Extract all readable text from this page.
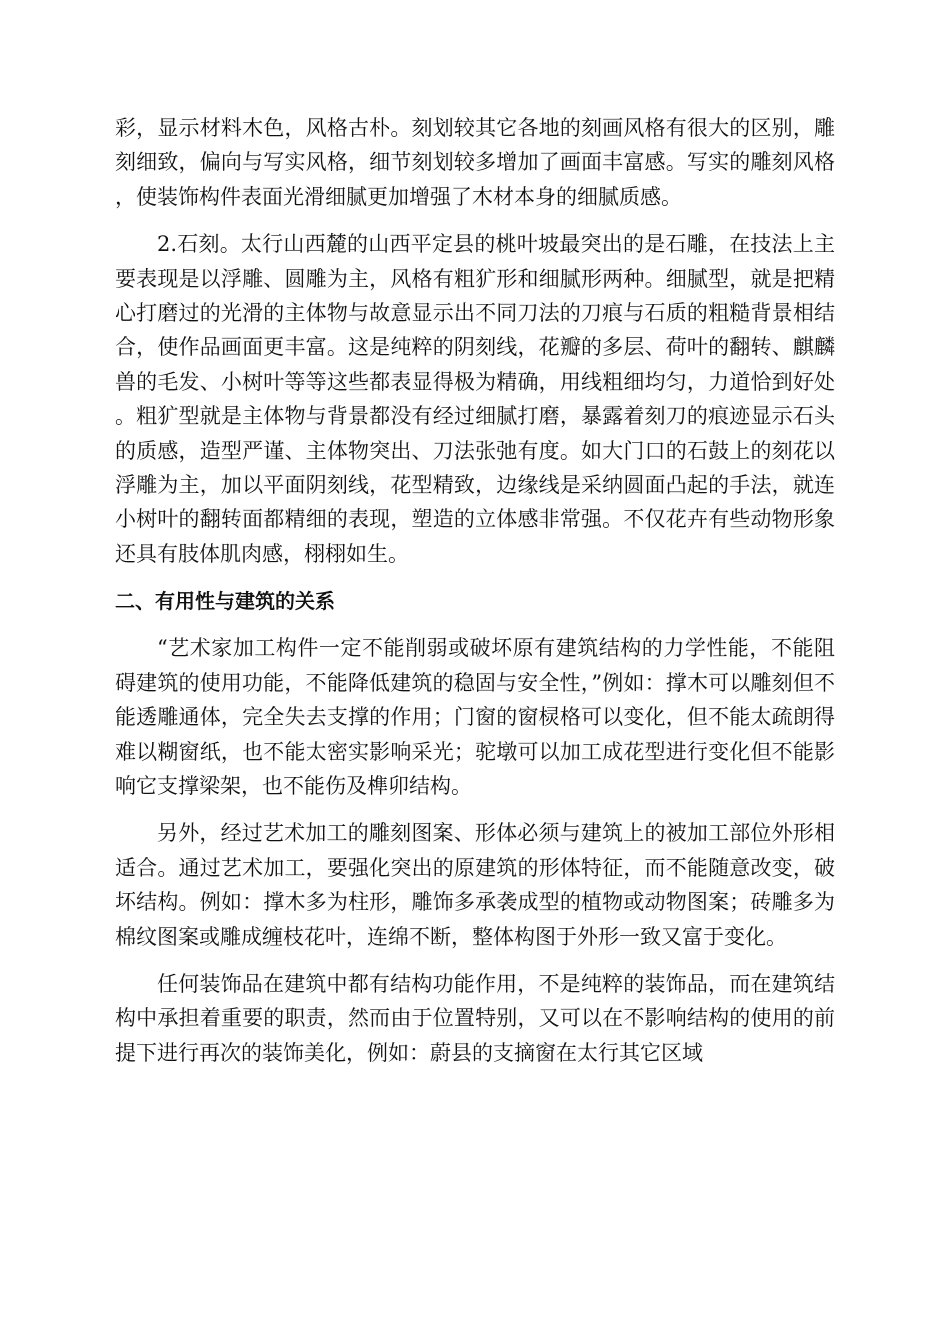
彩，显示材料木色，风格古朴。刻划较其它各地的刻画风格有很大的区别，雕刻细致，偏向与写实风格，细节刻划较多增加了画面丰富感。写实的雕刻风格，使装饰构件表面光滑细腻更加增强了木材本身的细腻质感。

2.石刻。太行山西麓的山西平定县的桃叶坡最突出的是石雕，在技法上主要表现是以浮雕、圆雕为主，风格有粗犷形和细腻形两种。细腻型，就是把精心打磨过的光滑的主体物与故意显示出不同刀法的刀痕与石质的粗糙背景相结合，使作品画面更丰富。这是纯粹的阴刻线，花瓣的多层、荷叶的翻转、麒麟兽的毛发、小树叶等等这些都表显得极为精确，用线粗细均匀，力道恰到好处。粗犷型就是主体物与背景都没有经过细腻打磨，暴露着刻刀的痕迹显示石头的质感，造型严谨、主体物突出、刀法张弛有度。如大门口的石鼓上的刻花以浮雕为主，加以平面阴刻线，花型精致，边缘线是采纳圆面凸起的手法，就连小树叶的翻转面都精细的表现，塑造的立体感非常强。不仅花卉有些动物形象还具有肢体肌肉感，栩栩如生。

二、有用性与建筑的关系

“艺术家加工构件一定不能削弱或破坏原有建筑结构的力学性能，不能阻碍建筑的使用功能，不能降低建筑的稳固与安全性，”例如：撑木可以雕刻但不能透雕通体，完全失去支撑的作用；门窗的窗棂格可以变化，但不能太疏朗得难以糊窗纸，也不能太密实影响采光；驼墩可以加工成花型进行变化但不能影响它支撑梁架，也不能伤及榫卯结构。

另外，经过艺术加工的雕刻图案、形体必须与建筑上的被加工部位外形相适合。通过艺术加工，要强化突出的原建筑的形体特征，而不能随意改变，破坏结构。例如：撑木多为柱形，雕饰多承袭成型的植物或动物图案；砖雕多为棉纹图案或雕成缠枝花叶，连绵不断，整体构图于外形一致又富于变化。

任何装饰品在建筑中都有结构功能作用，不是纯粹的装饰品，而在建筑结构中承担着重要的职责，然而由于位置特别，又可以在不影响结构的使用的前提下进行再次的装饰美化，例如：蔚县的支摘窗在太行其它区域
